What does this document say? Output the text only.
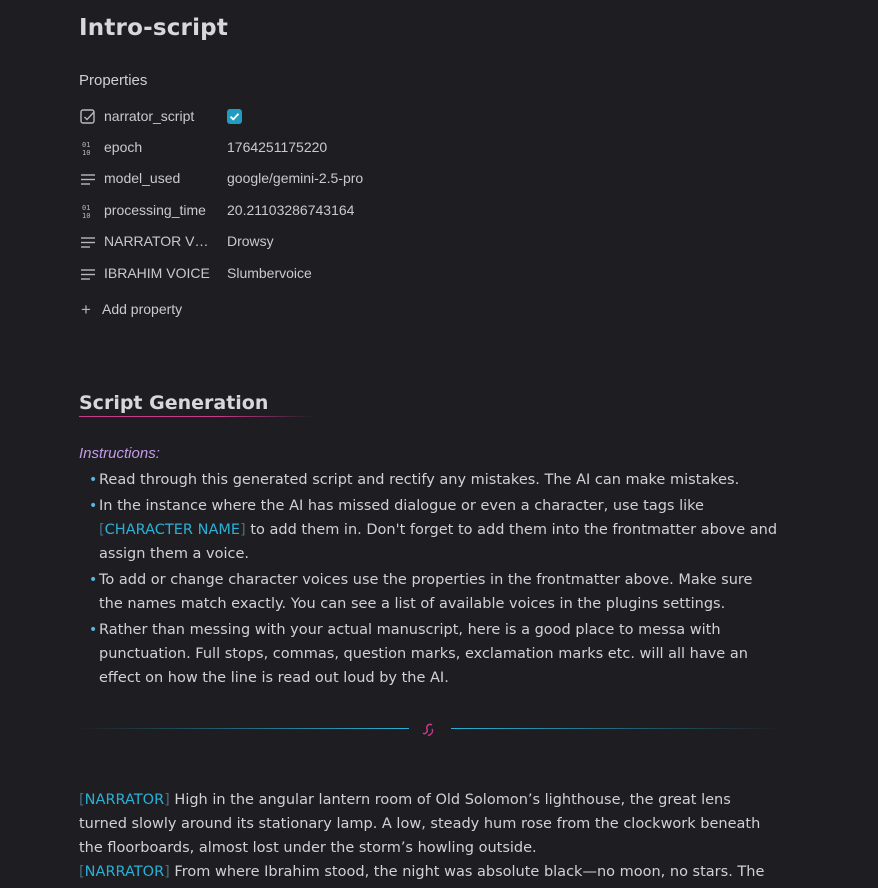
Intro-script
Properties
narrator_script
01
10 epoch	1764251175220
model_used	google/gemini-2.5-pro
01
10 processing_time	20.21103286743164
NARRATOR V…	Drowsy
IBRAHIM VOICE	Slumbervoice
+ Add property
Script Generation
Instructions:
• Read through this generated script and rectify any mistakes. The AI can make mistakes.
• In the instance where the AI has missed dialogue or even a character, use tags like [CHARACTER NAME] to add them in. Don't forget to add them into the frontmatter above and assign them a voice.
• To add or change character voices use the properties in the frontmatter above. Make sure the names match exactly. You can see a list of available voices in the plugins settings.
• Rather than messing with your actual manuscript, here is a good place to messa with punctuation. Full stops, commas, question marks, exclamation marks etc. will all have an effect on how the line is read out loud by the AI.

[NARRATOR] High in the angular lantern room of Old Solomon’s lighthouse, the great lens turned slowly around its stationary lamp. A low, steady hum rose from the clockwork beneath the floorboards, almost lost under the storm’s howling outside.

[NARRATOR] From where Ibrahim stood, the night was absolute black—no moon, no stars. The
